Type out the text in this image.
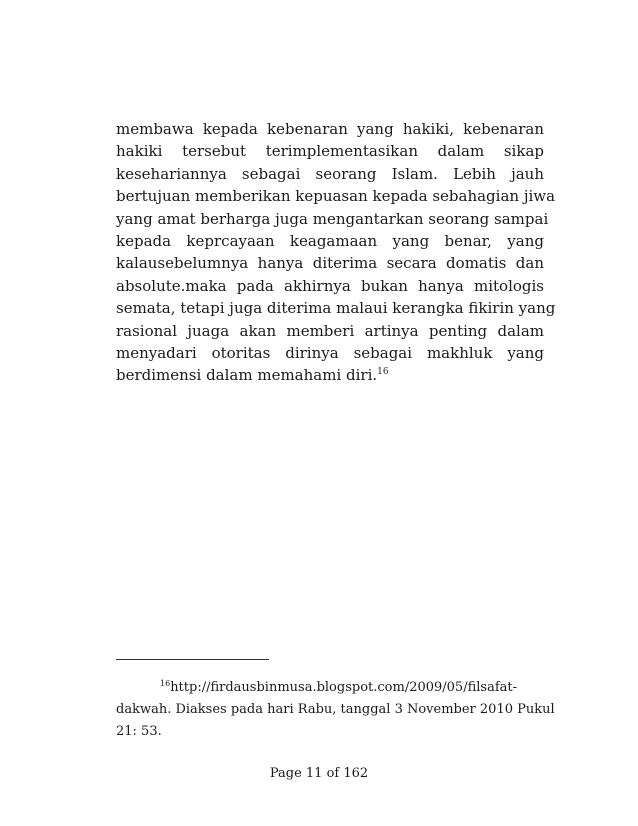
membawa kepada kebenaran yang hakiki, kebenaran
hakiki tersebut terimplementasikan dalam sikap
kesehariannya sebagai seorang Islam. Lebih jauh
bertujuan memberikan kepuasan kepada sebahagian jiwa
yang amat berharga juga mengantarkan seorang sampai
kepada keprcayaan keagamaan yang benar, yang
kalausebelumnya hanya diterima secara domatis dan
absolute.maka pada akhirnya bukan hanya mitologis
semata, tetapi juga diterima malaui kerangka fikirin yang
rasional juaga akan memberi artinya penting dalam
menyadari otoritas dirinya sebagai makhluk yang
berdimensi dalam memahami diri.$^{16}$
$^{16}$http://firdausbinmusa.blogspot.com/2009/05/filsafat-
dakwah. Diakses pada hari Rabu, tanggal 3 November 2010 Pukul
21: 53.
Page 11 of 162
